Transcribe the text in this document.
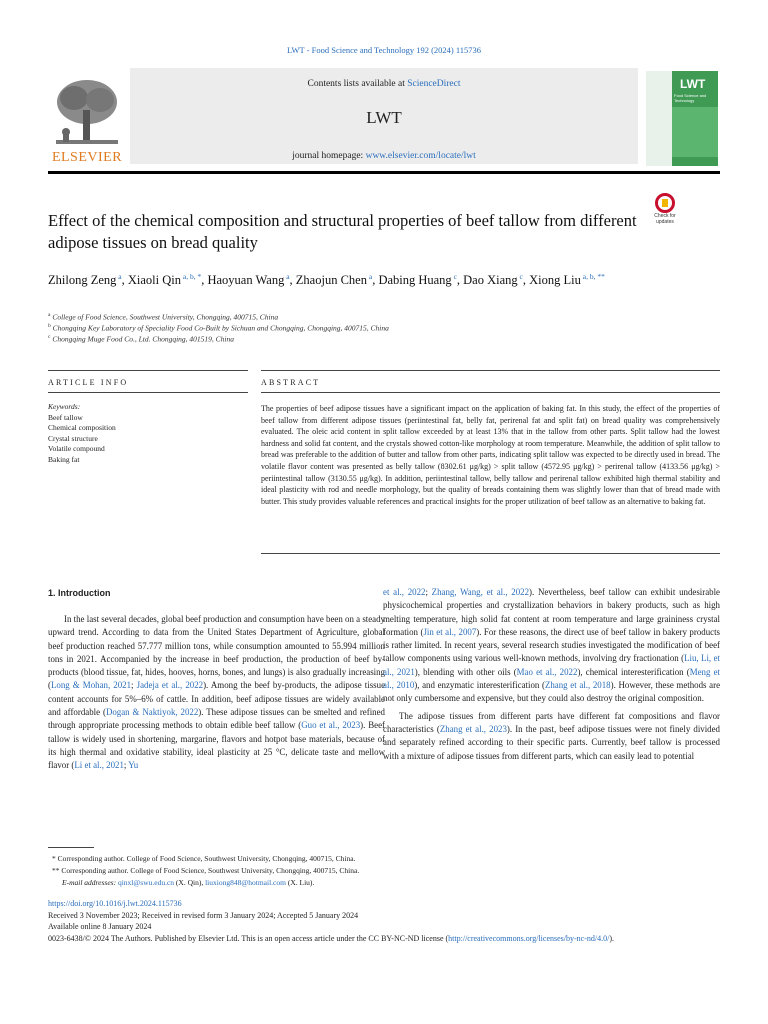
LWT - Food Science and Technology 192 (2024) 115736
ELSEVIER
Contents lists available at ScienceDirect
LWT
journal homepage: www.elsevier.com/locate/lwt
LWT
Food Science and Technology
Effect of the chemical composition and structural properties of beef tallow from different adipose tissues on bread quality
Check for
updates
Zhilong Zeng $^a$, Xiaoli Qin $^{a, b, *}$, Haoyuan Wang $^a$, Zhaojun Chen $^a$, Dabing Huang $^c$, Dao Xiang $^c$, Xiong Liu $^{a, b, **}$
$^a$ College of Food Science, Southwest University, Chongqing, 400715, China
$^b$ Chongqing Key Laboratory of Speciality Food Co-Built by Sichuan and Chongqing, Chongqing, 400715, China
$^c$ Chongqing Muge Food Co., Ltd. Chongqing, 401519, China
ARTICLE INFO	ABSTRACT
Keywords:
Beef tallow
Chemical composition
Crystal structure
Volatile compound
Baking fat
The properties of beef adipose tissues have a significant impact on the application of baking fat. In this study, the effect of the properties of beef tallow from different adipose tissues (periintestinal fat, belly fat, perirenal fat and split fat) on bread quality was comprehensively evaluated. The oleic acid content in split tallow exceeded by at least 13% that in the tallow from other parts. Split tallow had the lowest hardness and solid fat content, and the crystals showed cotton-like morphology at room temperature. Meanwhile, the addition of split tallow to bread was preferable to the addition of butter and tallow from other parts, indicating split tallow was expected to be directly used in bread. The volatile flavor content was presented as belly tallow (8302.61 μg/kg) > split tallow (4572.95 μg/kg) > perirenal tallow (4133.56 μg/kg) > periintestinal tallow (3130.55 μg/kg). In addition, periintestinal tallow, belly tallow and perirenal tallow exhibited high thermal stability and ideal plasticity with rod and needle morphology, but the quality of breads containing them was slightly lower than that of bread made with butter. This study provides valuable references and practical insights for the proper utilization of beef tallow as an alternative to baking fat.
1. Introduction

In the last several decades, global beef production and consumption have been on a steady upward trend. According to data from the United States Department of Agriculture, global beef production reached 57.777 million tons, while consumption amounted to 55.994 million tons in 2021. Accompanied by the increase in beef production, the production of beef by-products (blood tissue, fat, hides, hooves, horns, bones, and lungs) is also gradually increasing (Long & Mohan, 2021; Jadeja et al., 2022). Among the beef by-products, the adipose tissue content accounts for 5%–6% of cattle. In addition, beef adipose tissues are widely available and affordable (Dogan & Naktiyok, 2022). These adipose tissues can be smelted and refined through appropriate processing methods to obtain edible beef tallow (Guo et al., 2023). Beef tallow is widely used in shortening, margarine, flavors and hotpot base materials, because of its high thermal and oxidative stability, ideal plasticity at 25 °C, delicate taste and mellow flavor (Li et al., 2021; Yu

et al., 2022; Zhang, Wang, et al., 2022). Nevertheless, beef tallow can exhibit undesirable physicochemical properties and crystallization behaviors in bakery products, such as high melting temperature, high solid fat content at room temperature and large graininess crystal formation (Jin et al., 2007). For these reasons, the direct use of beef tallow in bakery products is rather limited. In recent years, several research studies investigated the modification of beef tallow components using various well-known methods, involving dry fractionation (Liu, Li, et al., 2021), blending with other oils (Mao et al., 2022), chemical interesterification (Meng et al., 2010), and enzymatic interesterification (Zhang et al., 2018). However, these methods are not only cumbersome and expensive, but they could also destroy the original composition.

The adipose tissues from different parts have different fat compositions and flavor characteristics (Zhang et al., 2023). In the past, beef adipose tissues were not finely divided and separately refined according to their specific parts. Currently, beef tallow is processed with a mixture of adipose tissues from different parts, which can easily lead to potential

* Corresponding author. College of Food Science, Southwest University, Chongqing, 400715, China.
** Corresponding author. College of Food Science, Southwest University, Chongqing, 400715, China.
E-mail addresses: qinxl@swu.edu.cn (X. Qin), liuxiong848@hotmail.com (X. Liu).
https://doi.org/10.1016/j.lwt.2024.115736
Received 3 November 2023; Received in revised form 3 January 2024; Accepted 5 January 2024
Available online 8 January 2024
0023-6438/© 2024 The Authors. Published by Elsevier Ltd. This is an open access article under the CC BY-NC-ND license (http://creativecommons.org/licenses/by-nc-nd/4.0/).
